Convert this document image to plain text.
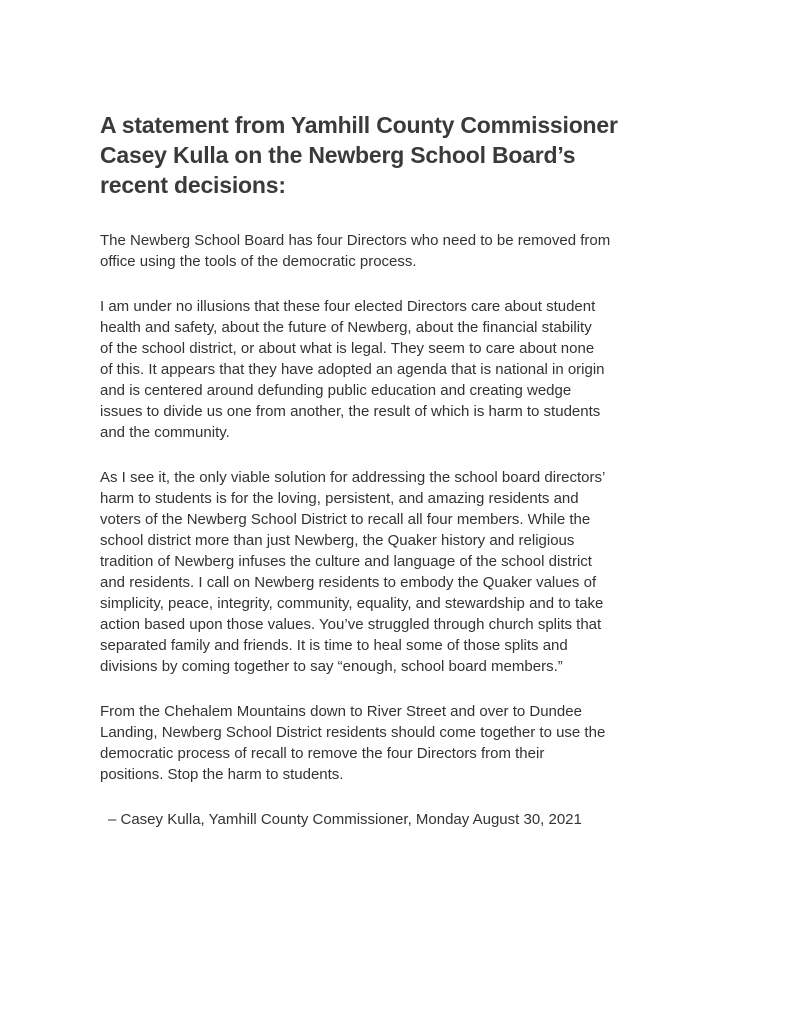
A statement from Yamhill County Commissioner
Casey Kulla on the Newberg School Board’s
recent decisions:

The Newberg School Board has four Directors who need to be removed from
office using the tools of the democratic process.

I am under no illusions that these four elected Directors care about student
health and safety, about the future of Newberg, about the financial stability
of the school district, or about what is legal. They seem to care about none
of this. It appears that they have adopted an agenda that is national in origin
and is centered around defunding public education and creating wedge
issues to divide us one from another, the result of which is harm to students
and the community.

As I see it, the only viable solution for addressing the school board directors’
harm to students is for the loving, persistent, and amazing residents and
voters of the Newberg School District to recall all four members. While the
school district more than just Newberg, the Quaker history and religious
tradition of Newberg infuses the culture and language of the school district
and residents. I call on Newberg residents to embody the Quaker values of
simplicity, peace, integrity, community, equality, and stewardship and to take
action based upon those values. You’ve struggled through church splits that
separated family and friends. It is time to heal some of those splits and
divisions by coming together to say “enough, school board members.”

From the Chehalem Mountains down to River Street and over to Dundee
Landing, Newberg School District residents should come together to use the
democratic process of recall to remove the four Directors from their
positions. Stop the harm to students.

– Casey Kulla, Yamhill County Commissioner, Monday August 30, 2021
